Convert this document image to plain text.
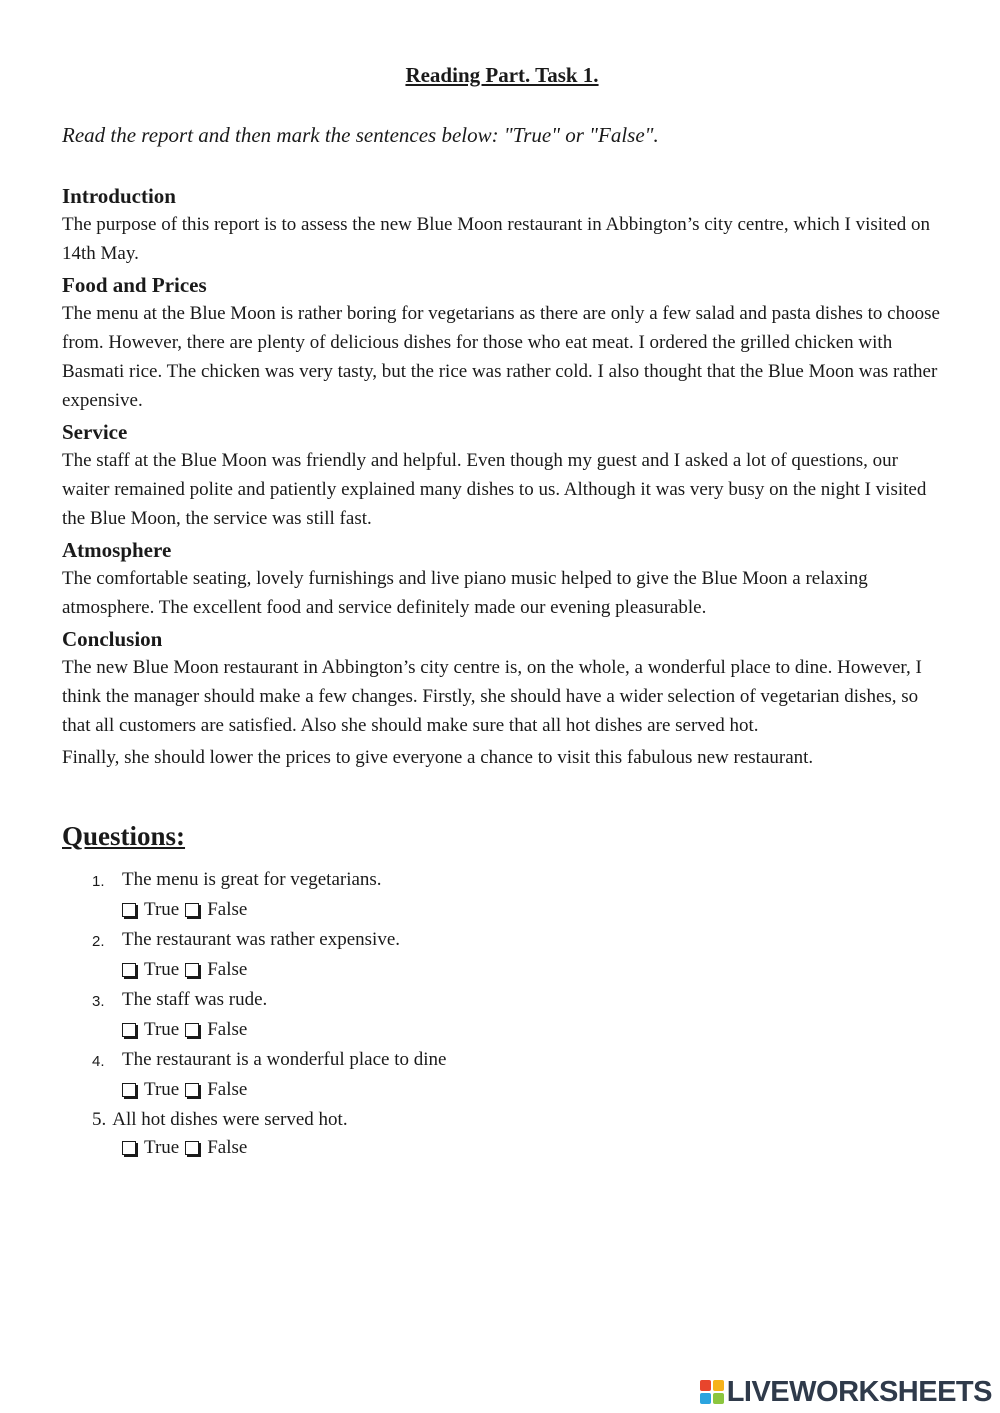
Reading Part. Task 1.

Read the report and then mark the sentences below: "True" or "False".

Introduction

The purpose of this report is to assess the new Blue Moon restaurant in Abbington’s city centre, which I visited on 14th May.

Food and Prices

The menu at the Blue Moon is rather boring for vegetarians as there are only a few salad and pasta dishes to choose from. However, there are plenty of delicious dishes for those who eat meat. I ordered the grilled chicken with Basmati rice. The chicken was very tasty, but the rice was rather cold. I also thought that the Blue Moon was rather expensive.

Service

The staff at the Blue Moon was friendly and helpful. Even though my guest and I asked a lot of questions, our waiter remained polite and patiently explained many dishes to us. Although it was very busy on the night I visited the Blue Moon, the service was still fast.

Atmosphere

The comfortable seating, lovely furnishings and live piano music helped to give the Blue Moon a relaxing atmosphere. The excellent food and service definitely made our evening pleasurable.

Conclusion

The new Blue Moon restaurant in Abbington’s city centre is, on the whole, a wonderful place to dine. However, I think the manager should make a few changes. Firstly, she should have a wider selection of vegetarian dishes, so that all customers are satisfied. Also she should make sure that all hot dishes are served hot.

Finally, she should lower the prices to give everyone a chance to visit this fabulous new restaurant.

Questions:
1. The menu is great for vegetarians.
True False
2. The restaurant was rather expensive.
True False
3. The staff was rude.
True False
4. The restaurant is a wonderful place to dine
True False
5. All hot dishes were served hot.
True False
LIVEWORKSHEETS
